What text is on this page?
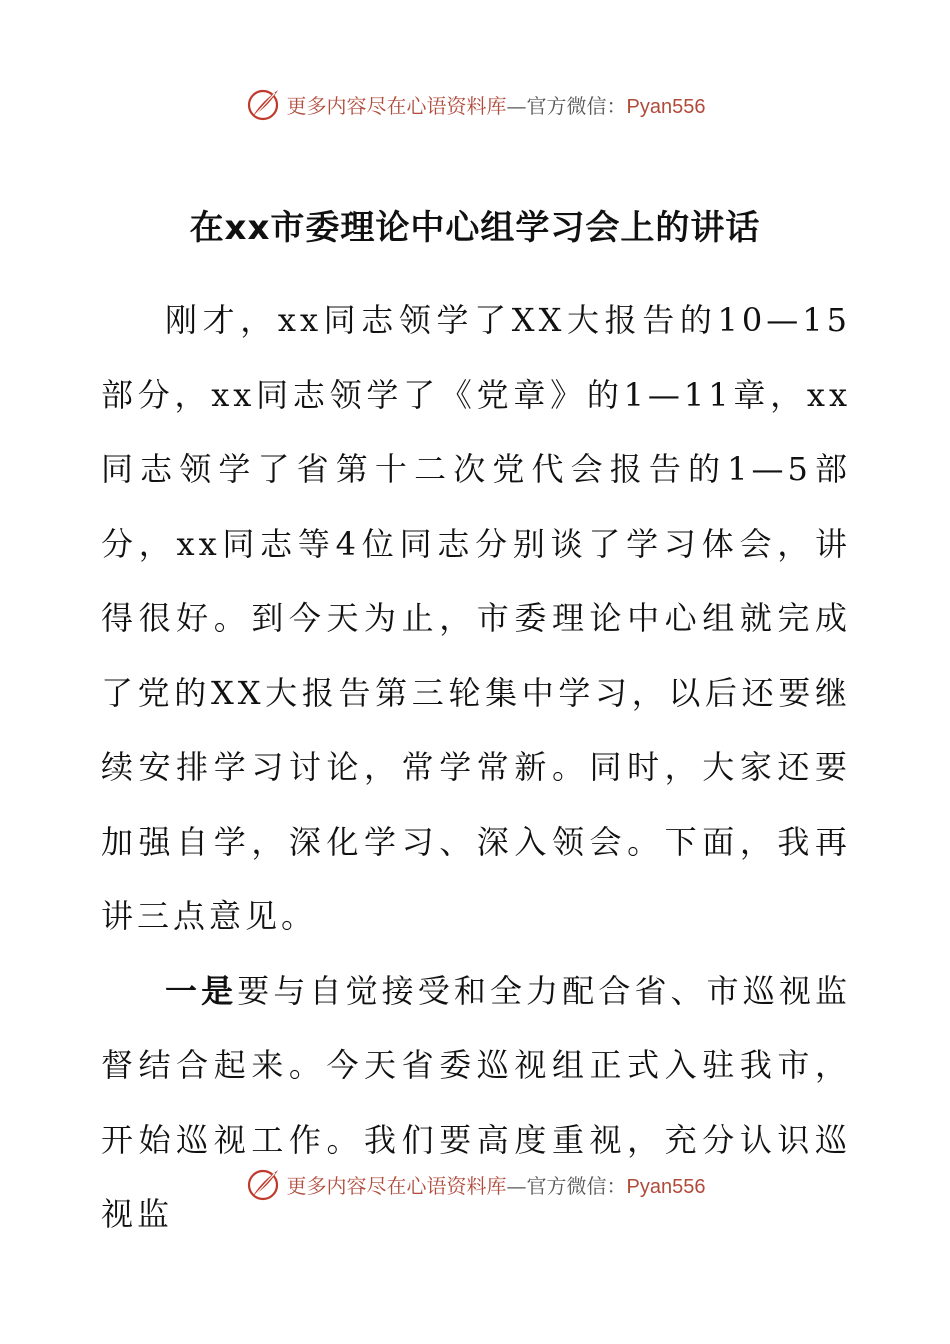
更多内容尽在心语资料库—官方微信：Pyan556
在xx市委理论中心组学习会上的讲话

刚才，xx同志领学了XX大报告的10—15部分，xx同志领学了《党章》的1—11章，xx同志领学了省第十二次党代会报告的1—5部分，xx同志等4位同志分别谈了学习体会，讲得很好。到今天为止，市委理论中心组就完成了党的XX大报告第三轮集中学习，以后还要继续安排学习讨论，常学常新。同时，大家还要加强自学，深化学习、深入领会。下面，我再讲三点意见。

一是要与自觉接受和全力配合省、市巡视监督结合起来。今天省委巡视组正式入驻我市，开始巡视工作。我们要高度重视，充分认识巡视监

更多内容尽在心语资料库—官方微信：Pyan556
